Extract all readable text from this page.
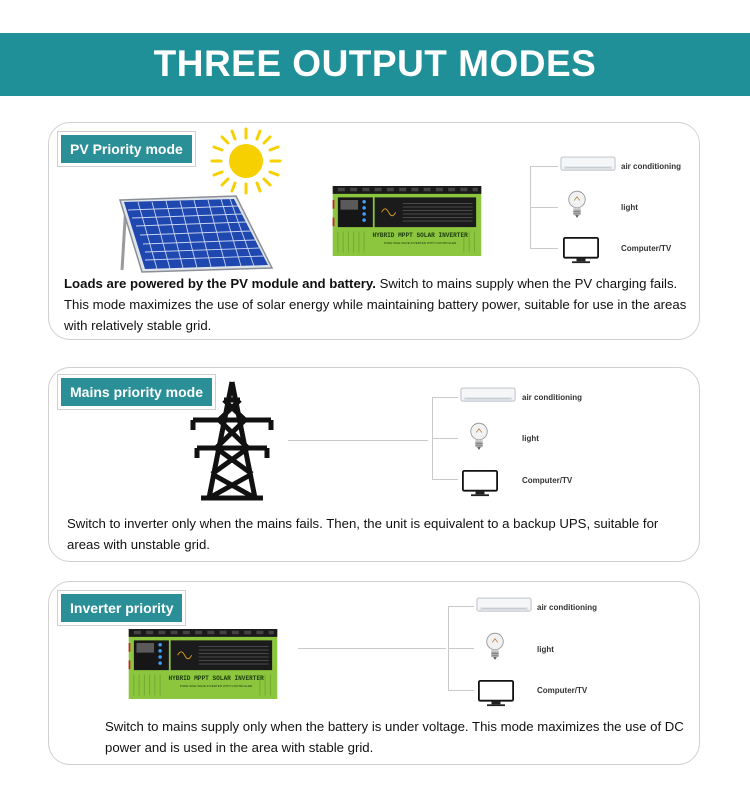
THREE OUTPUT MODES
PV Priority mode
air conditioning
light
Computer/TV
Loads are powered by the PV module and battery. Switch to mains supply when the PV charging fails. This mode maximizes the use of solar energy while maintaining battery power, suitable for use in the areas with relatively stable grid.
Mains priority mode	air conditioning
light
Computer/TV
Switch to inverter only when the mains fails. Then, the unit is equivalent to a backup UPS, suitable for areas with unstable grid.
Inverter priority	air conditioning
light
Computer/TV
Switch to mains supply only when the battery is under voltage. This mode maximizes the use of DC power and is used in the area with stable grid.
